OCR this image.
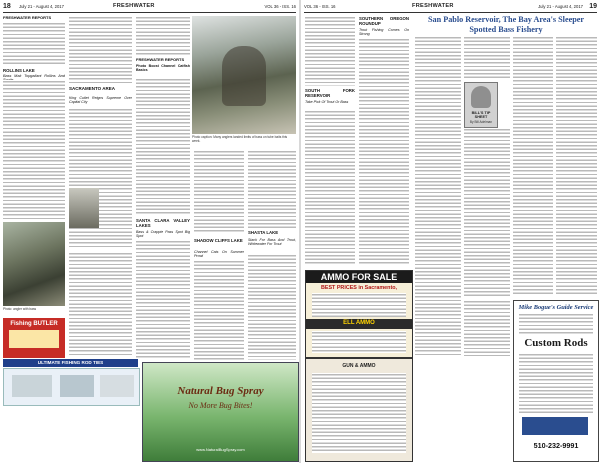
18 July 21 - August 4, 2017	FRESHWATER	VOL 36 - ISS. 16
FRESHWATER REPORTS
ROLLINS LAKE
Bass Mak Topgallant Rollins And
Photo: angler with bass
Fishing BUTLER
ULTIMATE FISHING ROD TIES
SACRAMENTO AREA
King Cutlet Reigns Supreme Over Capital City
FRESHWATER REPORTS
Photo Boost Channel Catfish Basics
Photo caption: Many anglers landed limits of bass on tube baits this week.
SANTA CLARA VALLEY LAKES
Bass & Crappie Pass Spot Big Spot
SHADOW CLIFFS LAKE
Channel Cats On Summer Prowl
SHASTA LAKE
Stack For Bass And Trout, Whitewater For Trout
Natural Bug Spray
No More Bug Bites!
www.NaturalBugSpray.com
VOL 36 - ISS. 16	FRESHWATER	July 21 - August 4, 2017 19
SOUTH FORK RESERVOIR
Take Pick Of Trout Or Bass
SOUTHERN OREGON ROUNDUP
Trout Fishing Comes On Strong
San Pablo Reservoir, The Bay Area's Sleeper Spotted Bass Fishery
BILL'S TIP SHEET
By Bill Adelman
AMMO FOR SALE
BEST PRICES in Sacramento,
ELL AMMO
GUN & AMMO
Mike Bogue's Guide Service
Custom Rods
510-232-9991
